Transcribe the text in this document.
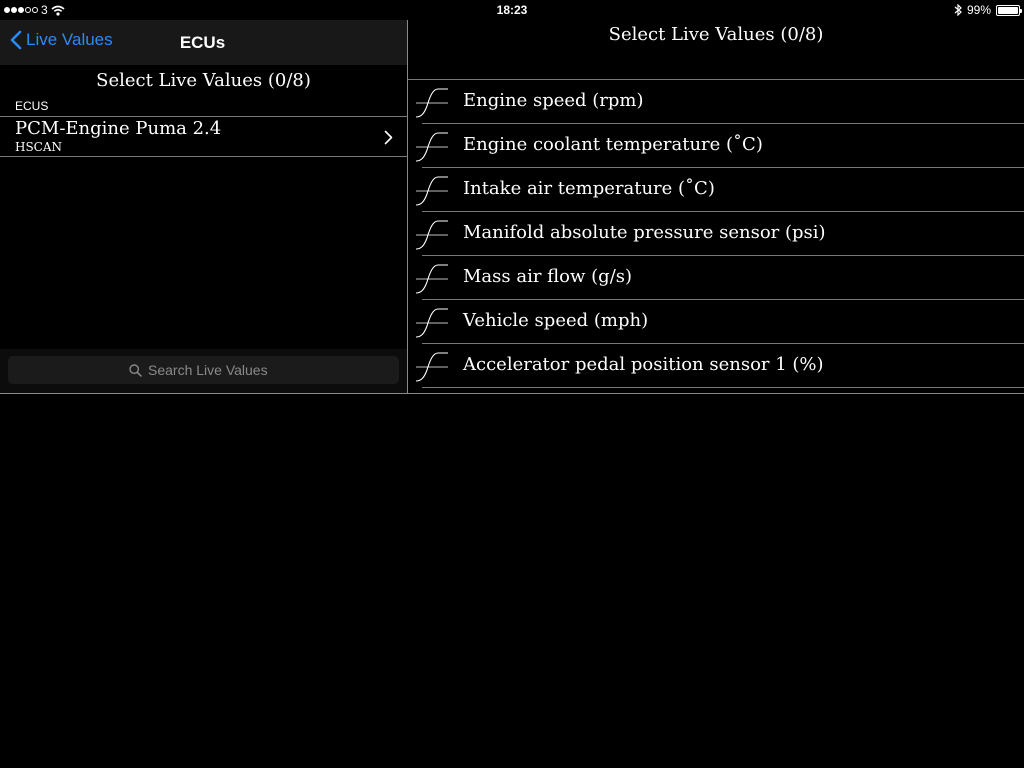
3	18:23	99%
Live Values	ECUs
Select Live Values (0/8)
ECUS
PCM-Engine Puma 2.4
HSCAN
Search Live Values
Select Live Values (0/8)
Engine speed (rpm)
Engine coolant temperature (˚C)
Intake air temperature (˚C)
Manifold absolute pressure sensor (psi)
Mass air flow (g/s)
Vehicle speed (mph)
Accelerator pedal position sensor 1 (%)
